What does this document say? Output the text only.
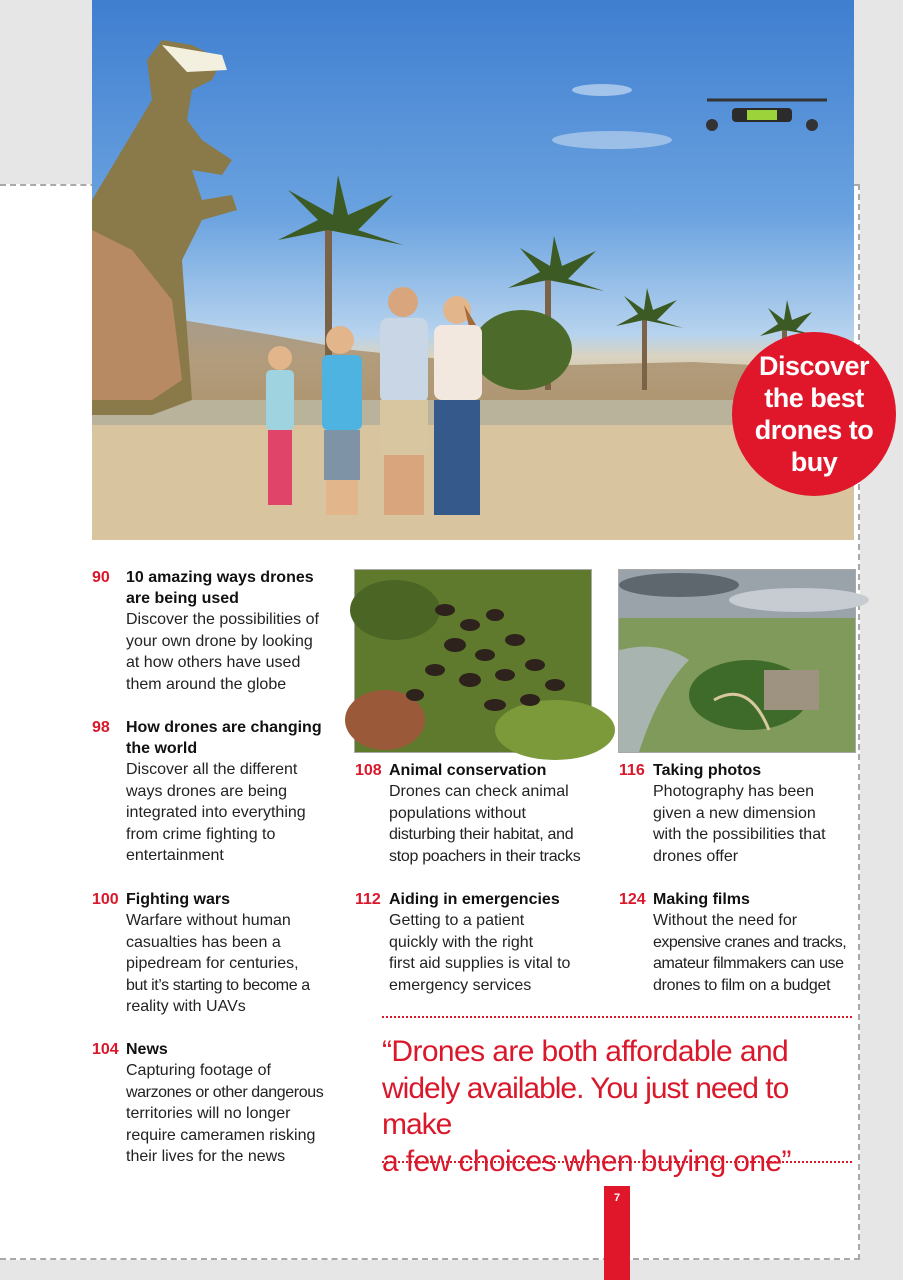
Discover the best drones to buy
90 10 amazing ways drones
are being used
Discover the possibilities of
your own drone by looking
at how others have used
them around the globe
98 How drones are changing
the world
Discover all the different
ways drones are being
integrated into everything
from crime fighting to
entertainment
100 Fighting wars
Warfare without human
casualties has been a
pipedream for centuries,
but it’s starting to become a
reality with UAVs
104 News
Capturing footage of
warzones or other dangerous
territories will no longer
require cameramen risking
their lives for the news
108 Animal conservation
Drones can check animal
populations without
disturbing their habitat, and
stop poachers in their tracks
112 Aiding in emergencies
Getting to a patient
quickly with the right
first aid supplies is vital to
emergency services
116 Taking photos
Photography has been
given a new dimension
with the possibilities that
drones offer
124 Making films
Without the need for
expensive cranes and tracks,
amateur filmmakers can use
drones to film on a budget
“Drones are both affordable and
widely available. You just need to make
a few choices when buying one”
7
